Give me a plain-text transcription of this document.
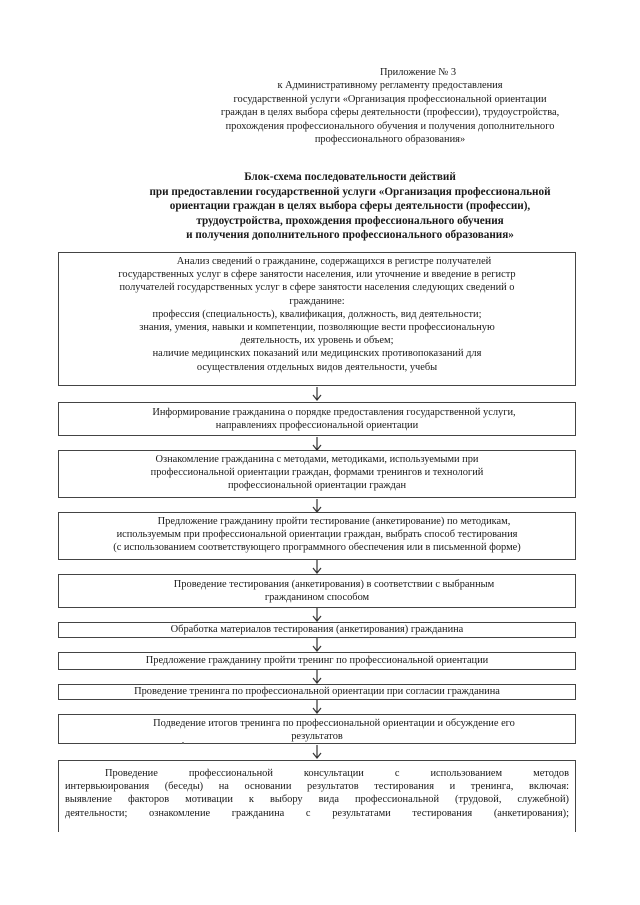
Приложение № 3
к Административному регламенту предоставления
государственной услуги «Организация профессиональной ориентации
граждан в целях выбора сферы деятельности (профессии), трудоустройства,
прохождения профессионального обучения и получения дополнительного
профессионального образования»
Блок-схема последовательности действий
при предоставлении государственной услуги «Организация профессиональной
ориентации граждан в целях выбора сферы деятельности (профессии),
трудоустройства, прохождения профессионального обучения
и получения дополнительного профессионального образования»
Анализ сведений о гражданине, содержащихся в регистре получателей
государственных услуг в сфере занятости населения, или уточнение и введение в регистр
получателей государственных услуг в сфере занятости населения следующих сведений о
гражданине:
профессия (специальность), квалификация, должность, вид деятельности;
знания, умения, навыки и компетенции, позволяющие вести профессиональную
деятельность, их уровень и объем;
наличие медицинских показаний или медицинских противопоказаний для
осуществления отдельных видов деятельности, учебы
Информирование гражданина о порядке предоставления государственной услуги,
направлениях профессиональной ориентации
Ознакомление гражданина с методами, методиками, используемыми при
профессиональной ориентации граждан, формами тренингов и технологий
профессиональной ориентации граждан
Предложение гражданину пройти тестирование (анкетирование) по методикам,
используемым при профессиональной ориентации граждан, выбрать способ тестирования
(с использованием соответствующего программного обеспечения или в письменной форме)
Проведение тестирования (анкетирования) в соответствии с выбранным
гражданином способом
Обработка материалов тестирования (анкетирования) гражданина
Предложение гражданину пройти тренинг по профессиональной ориентации
Проведение тренинга по профессиональной ориентации при согласии гражданина
Подведение итогов тренинга по профессиональной ориентации и обсуждение его
результатов
Проведение профессиональной консультации с использованием методов
интервьюирования (беседы) на основании результатов тестирования и тренинга, включая:
выявление факторов мотивации к выбору вида профессиональной (трудовой, служебной)
деятельности; ознакомление гражданина с результатами тестирования (анкетирования);
